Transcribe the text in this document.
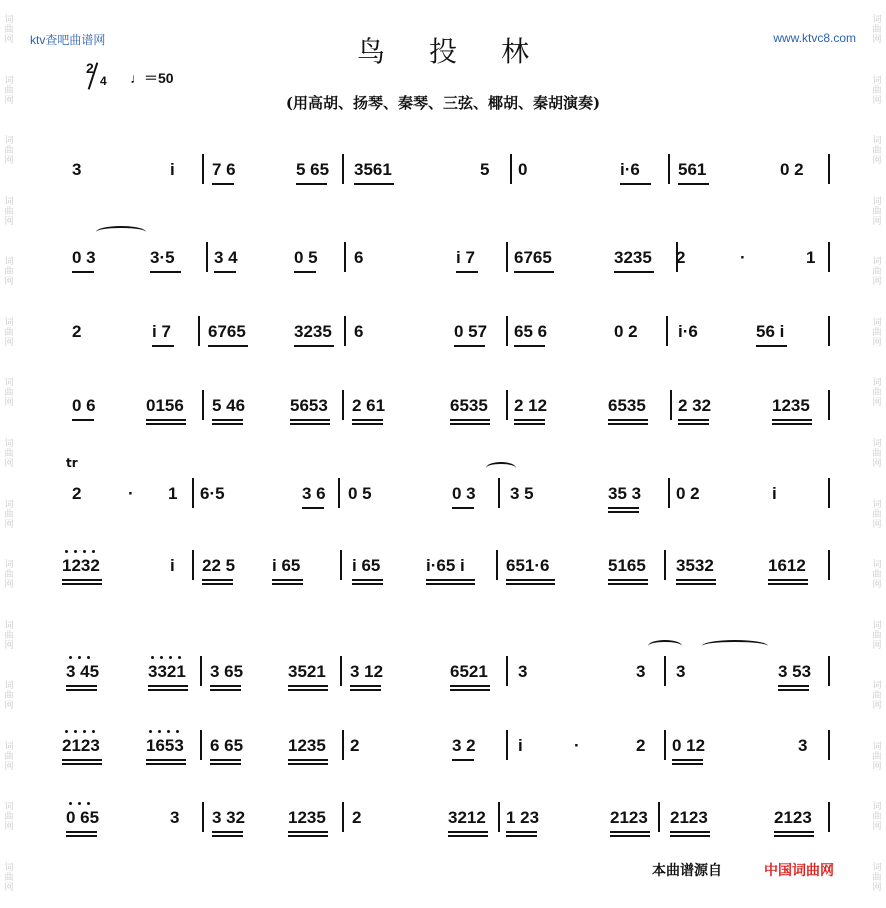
词
曲
网
词
曲
网
词
曲
网
词
曲
网
词
曲
网
词
曲
网
词
曲
网
词
曲
网
词
曲
网
词
曲
网
词
曲
网
词
曲
网
词
曲
网
词
曲
网
词
曲
网
词
曲
网
词
曲
网
词
曲
网
词
曲
网
词
曲
网
词
曲
网
词
曲
网
词
曲
网
词
曲
网
词
曲
网
词
曲
网
词
曲
网
词
曲
网
词
曲
网
词
曲
网
ktv查吧曲谱网	www.ktvc8.com
鸟投林
2
4 ♩＝50
(用高胡、扬琴、秦琴、三弦、椰胡、秦胡演奏)
3	i 7 6	5 65 3561	5 0	i·6 561	0 2
0 3	3·5 3 4	0 5 6	i 7 6765	3235 2	·	1
2	i 7 6765	3235 6	0 57 65 6	0 2 i·6	56 i
0 6	0156 5 46	5653 2 61	6535 2 12	6535 2 32	1235
tr
2	· 1 6·5	3 6 0 5	0 3 3 5	35 3 0 2	i
1232	i 22 5 i 65	i 65	i·65 i 651·6	5165 3532	1612
3 45	3321 3 65	3521 3 12	6521 3	3 3	3 53
2123	1653 6 65	1235 2	3 2 i	·	2 0 12	3
0 65	3 3 32	1235 2	3212 1 23	2123 2123	2123
本曲谱源自	中国词曲网
